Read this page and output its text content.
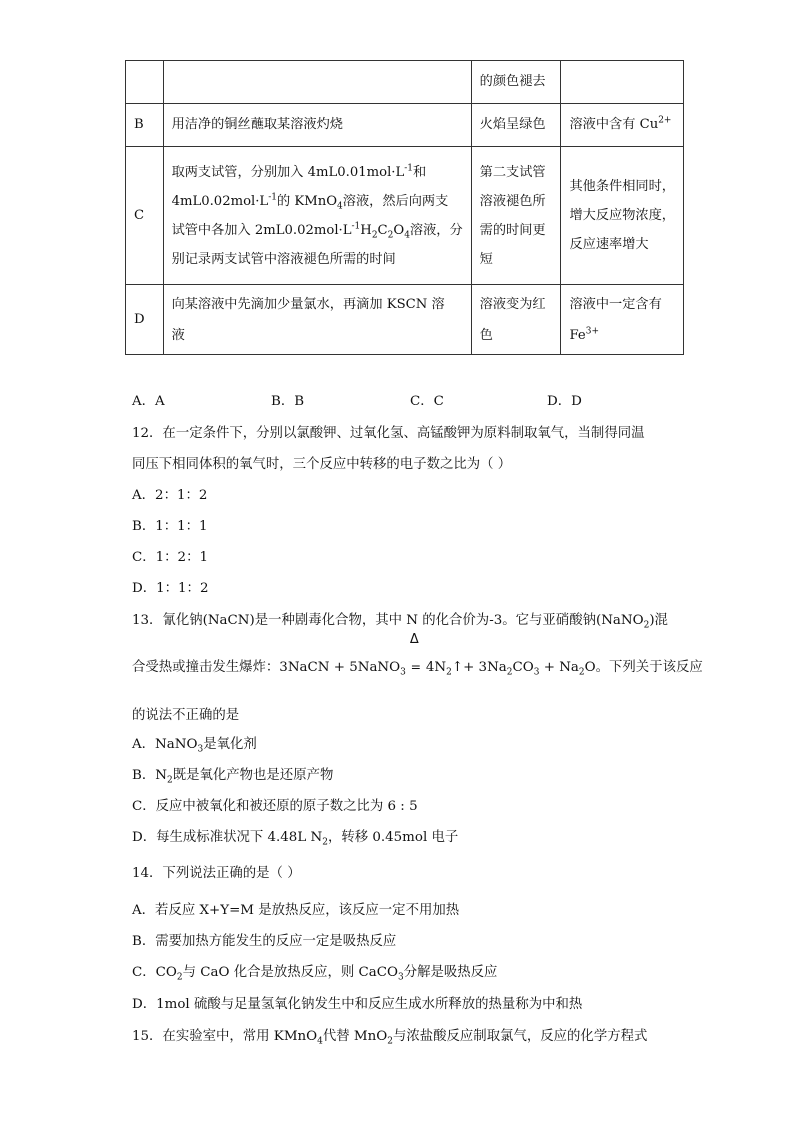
		的颜色褪去	
B	用洁净的铜丝蘸取某溶液灼烧	火焰呈绿色	溶液中含有 $Cu^{2+}$
C	取两支试管，分别加入 $4mL0.01mol\cdot L^{-1}$和
$4mL0.02mol\cdot L^{-1}$的 KMnO$_4$溶液，然后向两支
试管中各加入 $2mL0.02mol\cdot L^{-1}H_2C_2O_4$溶液，分
别记录两支试管中溶液褪色所需的时间	第二支试管
溶液褪色所
需的时间更
短	其他条件相同时，
增大反应物浓度，
反应速率增大

D	向某溶液中先滴加少量氯水，再滴加 KSCN 溶
液	溶液变为红
色	溶液中一定含有
$Fe^{3+}$
A．A	B．B	C．C	D．D
12．在一定条件下，分别以氯酸钾、过氧化氢、高锰酸钾为原料制取氧气，当制得同温
同压下相同体积的氧气时，三个反应中转移的电子数之比为（ ）
A．2：1：2
B．1：1：1
C．1：2：1
D．1：1：2
13．氰化钠(NaCN)是一种剧毒化合物，其中 N 的化合价为-3。它与亚硝酸钠(NaNO$_2$)混
合受热或撞击发生爆炸：3NaCN + 5NaNO$_3$
Δ
= $4N_2↑+ 3Na_2CO_3 + Na_2O$。下列关于该反应
的说法不正确的是
A．NaNO$_3$是氧化剂
B．$N_2$既是氧化产物也是还原产物
C．反应中被氧化和被还原的原子数之比为 6 : 5
D．每生成标准状况下 4.48L $N_2$，转移 0.45mol 电子
14．下列说法正确的是（ ）
A．若反应 X+Y=M 是放热反应，该反应一定不用加热
B．需要加热方能发生的反应一定是吸热反应
C．$CO_2$与 CaO 化合是放热反应，则 CaCO$_3$分解是吸热反应
D．1mol 硫酸与足量氢氧化钠发生中和反应生成水所释放的热量称为中和热
15．在实验室中，常用 KMnO$_4$代替 MnO$_2$与浓盐酸反应制取氯气，反应的化学方程式
